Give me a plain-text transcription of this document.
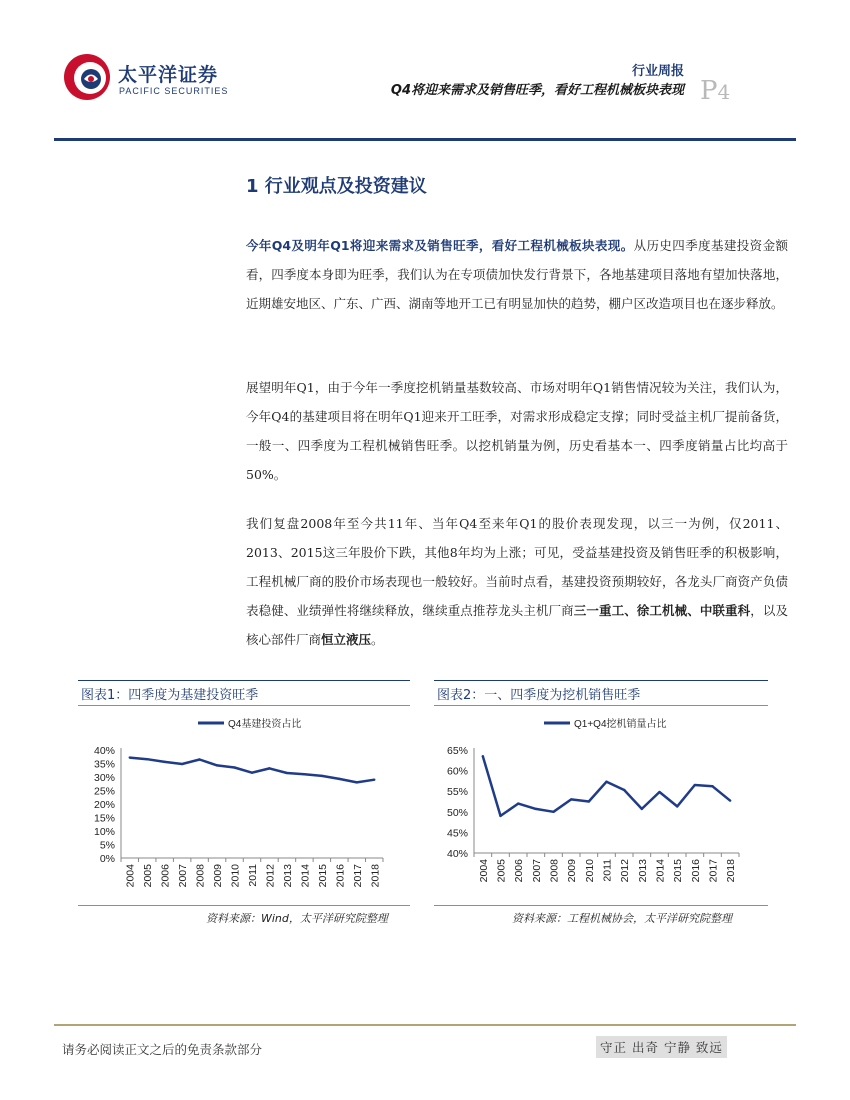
太平洋证券
PACIFIC SECURITIES
行业周报
Q4将迎来需求及销售旺季，看好工程机械板块表现 P4
1 行业观点及投资建议
今年Q4及明年Q1将迎来需求及销售旺季，看好工程机械板块表现。从历史四季度基建投资金额看，四季度本身即为旺季，我们认为在专项债加快发行背景下，各地基建项目落地有望加快落地，近期雄安地区、广东、广西、湖南等地开工已有明显加快的趋势，棚户区改造项目也在逐步释放。
展望明年Q1，由于今年一季度挖机销量基数较高、市场对明年Q1销售情况较为关注，我们认为，今年Q4的基建项目将在明年Q1迎来开工旺季，对需求形成稳定支撑；同时受益主机厂提前备货，一般一、四季度为工程机械销售旺季。以挖机销量为例，历史看基本一、四季度销量占比均高于50%。
我们复盘2008年至今共11年、当年Q4至来年Q1的股价表现发现，以三一为例，仅2011、2013、2015这三年股价下跌，其他8年均为上涨；可见，受益基建投资及销售旺季的积极影响，工程机械厂商的股价市场表现也一般较好。当前时点看，基建投资预期较好，各龙头厂商资产负债表稳健、业绩弹性将继续释放，继续重点推荐龙头主机厂商三一重工、徐工机械、中联重科，以及核心部件厂商恒立液压。
图表1：四季度为基建投资旺季
Q4基建投资占比
40%
35%
30%
25%
20%
15%
10%
5%
0%
2004 2005 2006 2007 2008 2009 2010 2011 2012 2013 2014 2015 2016 2017 2018
资料来源：Wind，太平洋研究院整理
图表2：一、四季度为挖机销售旺季
Q1+Q4挖机销量占比
65%
60%
55%
50%
45%
40%
2004 2005 2006 2007 2008 2009 2010 2011 2012 2013 2014 2015 2016 2017 2018
资料来源：工程机械协会，太平洋研究院整理
请务必阅读正文之后的免责条款部分	守正 出奇 宁静 致远
